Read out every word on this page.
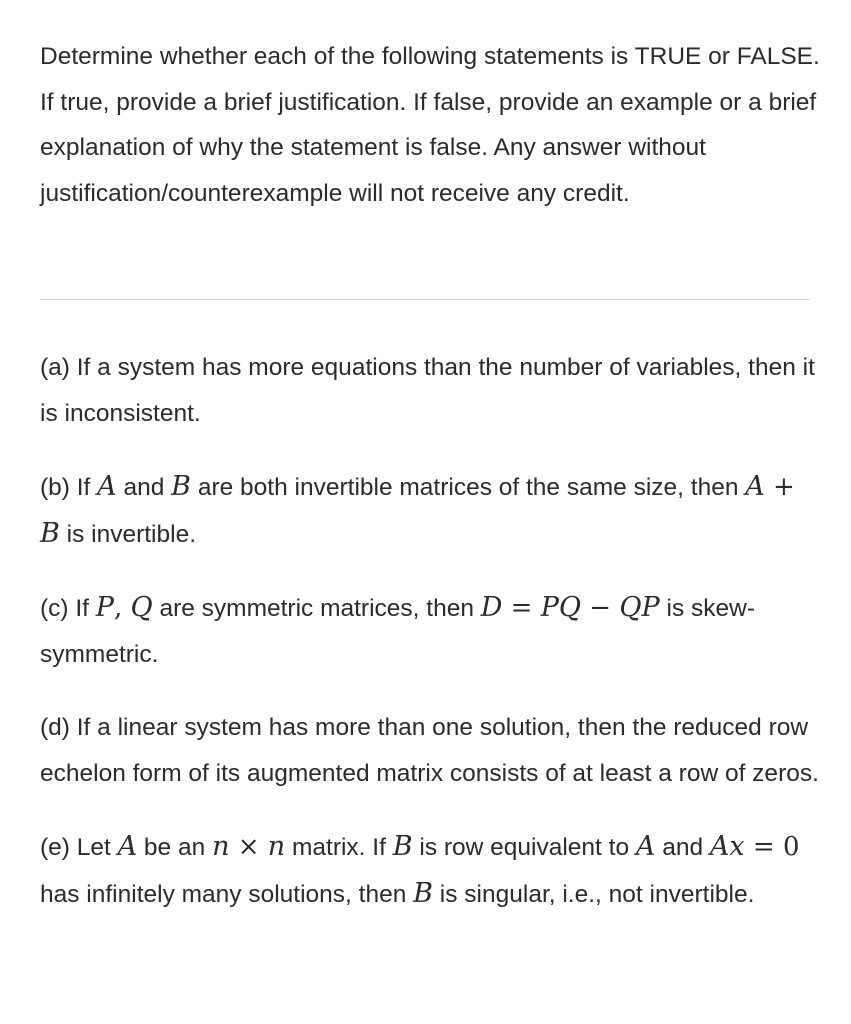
Determine whether each of the following statements is TRUE or FALSE. If true, provide a brief justification. If false, provide an example or a brief explanation of why the statement is false. Any answer without justification/counterexample will not receive any credit.

(a) If a system has more equations than the number of variables, then it is inconsistent.

(b) If A and B are both invertible matrices of the same size, then A + B is invertible.

(c) If P, Q are symmetric matrices, then D = PQ − QP is skew-symmetric.

(d) If a linear system has more than one solution, then the reduced row echelon form of its augmented matrix consists of at least a row of zeros.

(e) Let A be an n × n matrix. If B is row equivalent to A and Ax = 0 has infinitely many solutions, then B is singular, i.e., not invertible.
